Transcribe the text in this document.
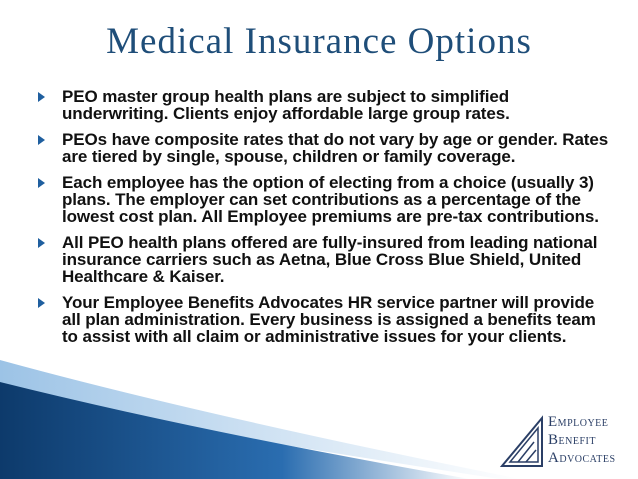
Medical Insurance Options
PEO master group health plans are subject to simplified underwriting. Clients enjoy affordable large group rates.
PEOs have composite rates that do not vary by age or gender. Rates are tiered by single, spouse, children or family coverage.
Each employee has the option of electing from a choice (usually 3) plans. The employer can set contributions as a percentage of the lowest cost plan. All Employee premiums are pre-tax contributions.
All PEO health plans offered are fully-insured from leading national insurance carriers such as Aetna, Blue Cross Blue Shield, United Healthcare & Kaiser.
Your Employee Benefits Advocates HR service partner will provide all plan administration. Every business is assigned a benefits team to assist with all claim or administrative issues for your clients.
EMPLOYEE
BENEFIT
ADVOCATES
